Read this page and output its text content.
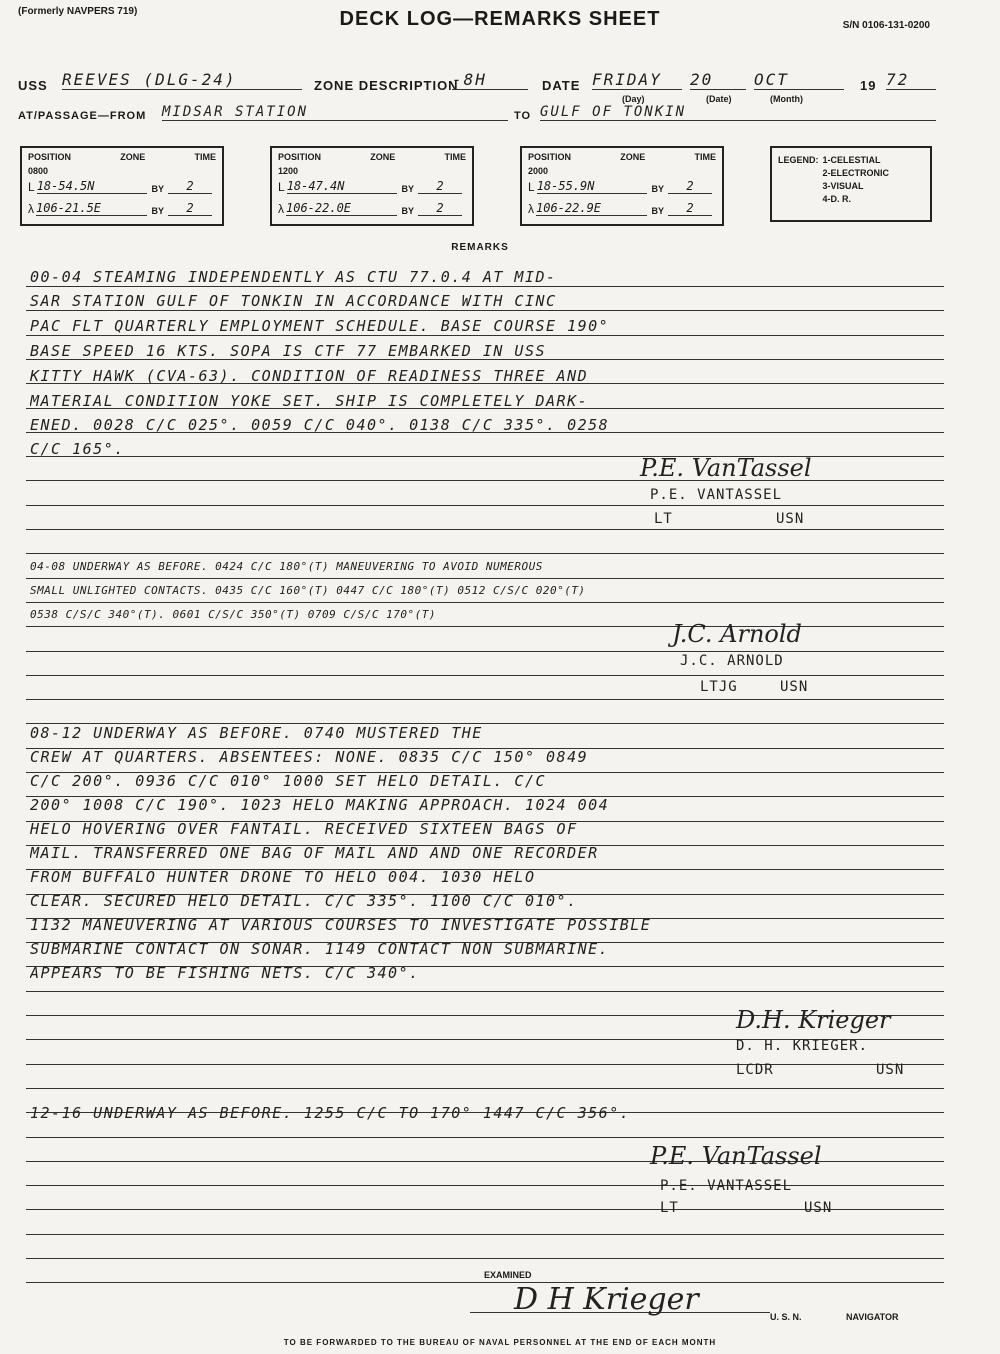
(Formerly NAVPERS 719)	DECK LOG—REMARKS SHEET	S/N 0106-131-0200
USS REEVES (DLG-24)	ZONE DESCRIPTION
-8H	DATE FRIDAY	20	OCT	19 72
(Day)	(Date)	(Month)
AT/PASSAGE—FROM MIDSAR STATION	TO GULF OF TONKIN
POSITION	ZONE	TIME
0800
L 18-54.5N	BY	2
λ 106-21.5E	BY	2
POSITION	ZONE	TIME
1200
L 18-47.4N	BY	2
λ 106-22.0E	BY	2
POSITION	ZONE	TIME
2000
L 18-55.9N	BY	2
λ 106-22.9E	BY	2
LEGEND: 1-CELESTIAL
2-ELECTRONIC
3-VISUAL
4-D. R.
REMARKS
00-04 STEAMING INDEPENDENTLY AS CTU 77.0.4 AT MID-
SAR STATION GULF OF TONKIN IN ACCORDANCE WITH CINC
PAC FLT QUARTERLY EMPLOYMENT SCHEDULE. BASE COURSE 190°
BASE SPEED 16 KTS. SOPA IS CTF 77 EMBARKED IN USS
KITTY HAWK (CVA-63). CONDITION OF READINESS THREE AND
MATERIAL CONDITION YOKE SET. SHIP IS COMPLETELY DARK-
ENED. 0028 C/C 025°. 0059 C/C 040°. 0138 C/C 335°. 0258
C/C 165°.
P.E. VanTassel
P.E. VANTASSEL
LT	USN
04-08 UNDERWAY AS BEFORE. 0424 C/C 180°(T) MANEUVERING TO AVOID NUMEROUS
SMALL UNLIGHTED CONTACTS. 0435 C/C 160°(T) 0447 C/C 180°(T) 0512 C/S/C 020°(T)
0538 C/S/C 340°(T). 0601 C/S/C 350°(T) 0709 C/S/C 170°(T)
J.C. Arnold
J.C. ARNOLD
LTJG	USN
08-12 UNDERWAY AS BEFORE. 0740 MUSTERED THE
CREW AT QUARTERS. ABSENTEES: NONE. 0835 C/C 150° 0849
C/C 200°. 0936 C/C 010° 1000 SET HELO DETAIL. C/C
200° 1008 C/C 190°. 1023 HELO MAKING APPROACH. 1024 004
HELO HOVERING OVER FANTAIL. RECEIVED SIXTEEN BAGS OF
MAIL. TRANSFERRED ONE BAG OF MAIL AND AND ONE RECORDER
FROM BUFFALO HUNTER DRONE TO HELO 004. 1030 HELO
CLEAR. SECURED HELO DETAIL. C/C 335°. 1100 C/C 010°.
1132 MANEUVERING AT VARIOUS COURSES TO INVESTIGATE POSSIBLE
SUBMARINE CONTACT ON SONAR. 1149 CONTACT NON SUBMARINE.
APPEARS TO BE FISHING NETS. C/C 340°.
D.H. Krieger
D. H. KRIEGER.
LCDR	USN
12-16 UNDERWAY AS BEFORE. 1255 C/C TO 170° 1447 C/C 356°.
P.E. VanTassel
P.E. VANTASSEL
LT	USN
EXAMINED
D H Krieger	U. S. N.	NAVIGATOR
TO BE FORWARDED TO THE BUREAU OF NAVAL PERSONNEL AT THE END OF EACH MONTH
